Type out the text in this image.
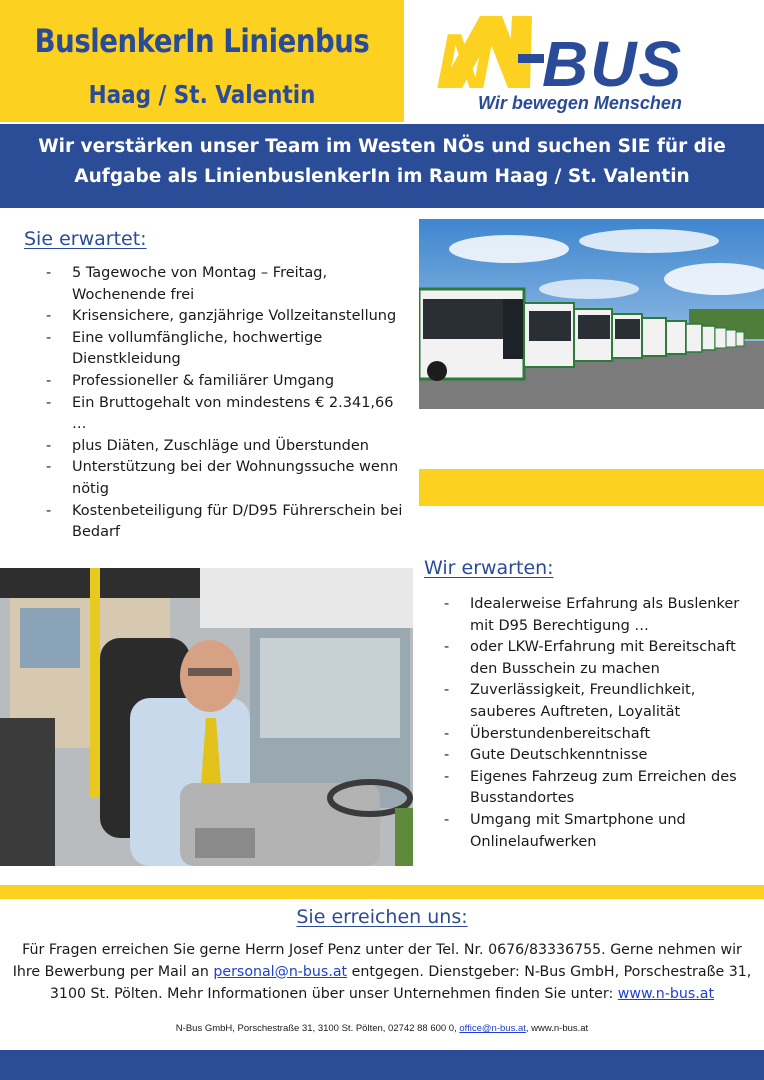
BuslenkerIn Linienbus
Haag / St. Valentin	N BUS
Wir bewegen Menschen
Wir verstärken unser Team im Westen NÖs und suchen SIE für die
Aufgabe als LinienbuslenkerIn im Raum Haag / St. Valentin
Sie erwartet:
- 5 Tagewoche von Montag – Freitag, Wochenende frei
- Krisensichere, ganzjährige Vollzeitanstellung
- Eine vollumfängliche, hochwertige Dienstkleidung
- Professioneller & familiärer Umgang
- Ein Bruttogehalt von mindestens € 2.341,66 …
- plus Diäten, Zuschläge und Überstunden
- Unterstützung bei der Wohnungssuche wenn nötig
- Kostenbeteiligung für D/D95 Führerschein bei Bedarf
Wir erwarten:
- Idealerweise Erfahrung als Buslenker mit D95 Berechtigung …
- oder LKW-Erfahrung mit Bereitschaft den Busschein zu machen
- Zuverlässigkeit, Freundlichkeit, sauberes Auftreten, Loyalität
- Überstundenbereitschaft
- Gute Deutschkenntnisse
- Eigenes Fahrzeug zum Erreichen des Busstandortes
- Umgang mit Smartphone und Onlinelaufwerken
Sie erreichen uns:
Für Fragen erreichen Sie gerne Herrn Josef Penz unter der Tel. Nr. 0676/83336755. Gerne nehmen wir Ihre Bewerbung per Mail an personal@n-bus.at entgegen. Dienstgeber: N-Bus GmbH, Porschestraße 31, 3100 St. Pölten. Mehr Informationen über unser Unternehmen finden Sie unter: www.n-bus.at
N-Bus GmbH, Porschestraße 31, 3100 St. Pölten, 02742 88 600 0, office@n-bus.at, www.n-bus.at
